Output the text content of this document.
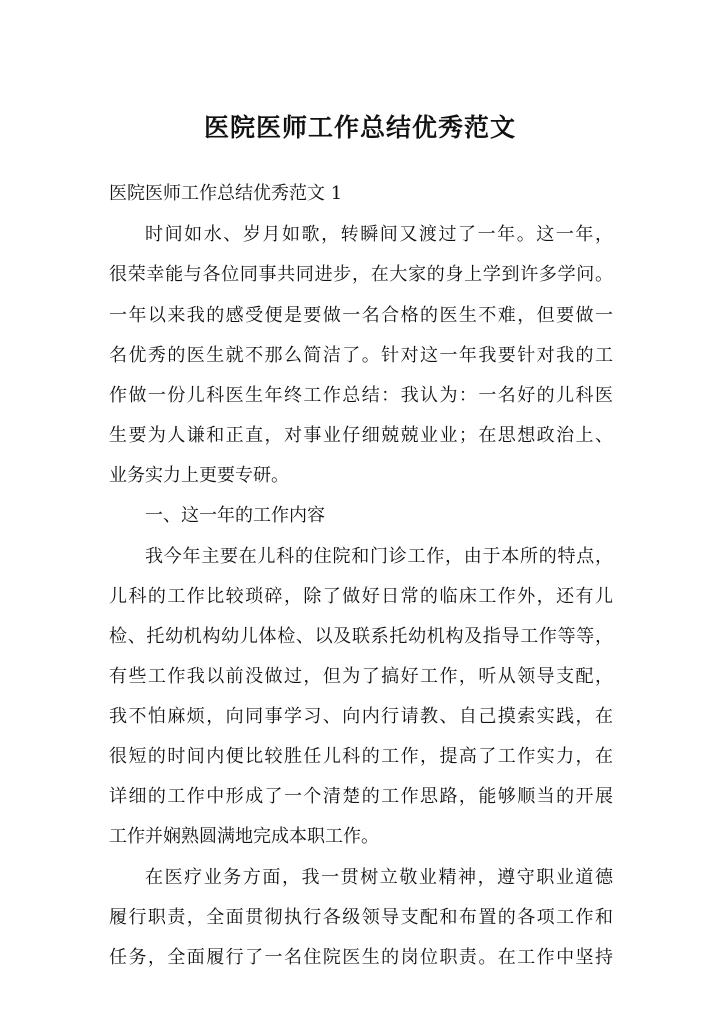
医院医师工作总结优秀范文
医院医师工作总结优秀范文 1
时间如水、岁月如歌，转瞬间又渡过了一年。这一年，
很荣幸能与各位同事共同进步，在大家的身上学到许多学问。
一年以来我的感受便是要做一名合格的医生不难，但要做一
名优秀的医生就不那么简洁了。针对这一年我要针对我的工
作做一份儿科医生年终工作总结：我认为：一名好的儿科医
生要为人谦和正直，对事业仔细兢兢业业；在思想政治上、
业务实力上更要专研。
一、这一年的工作内容
我今年主要在儿科的住院和门诊工作，由于本所的特点，
儿科的工作比较琐碎，除了做好日常的临床工作外，还有儿
检、托幼机构幼儿体检、以及联系托幼机构及指导工作等等，
有些工作我以前没做过，但为了搞好工作，听从领导支配，
我不怕麻烦，向同事学习、向内行请教、自己摸索实践，在
很短的时间内便比较胜任儿科的工作，提高了工作实力，在
详细的工作中形成了一个清楚的工作思路，能够顺当的开展
工作并娴熟圆满地完成本职工作。
在医疗业务方面，我一贯树立敬业精神，遵守职业道德
履行职责，全面贯彻执行各级领导支配和布置的各项工作和
任务，全面履行了一名住院医生的岗位职责。在工作中坚持
